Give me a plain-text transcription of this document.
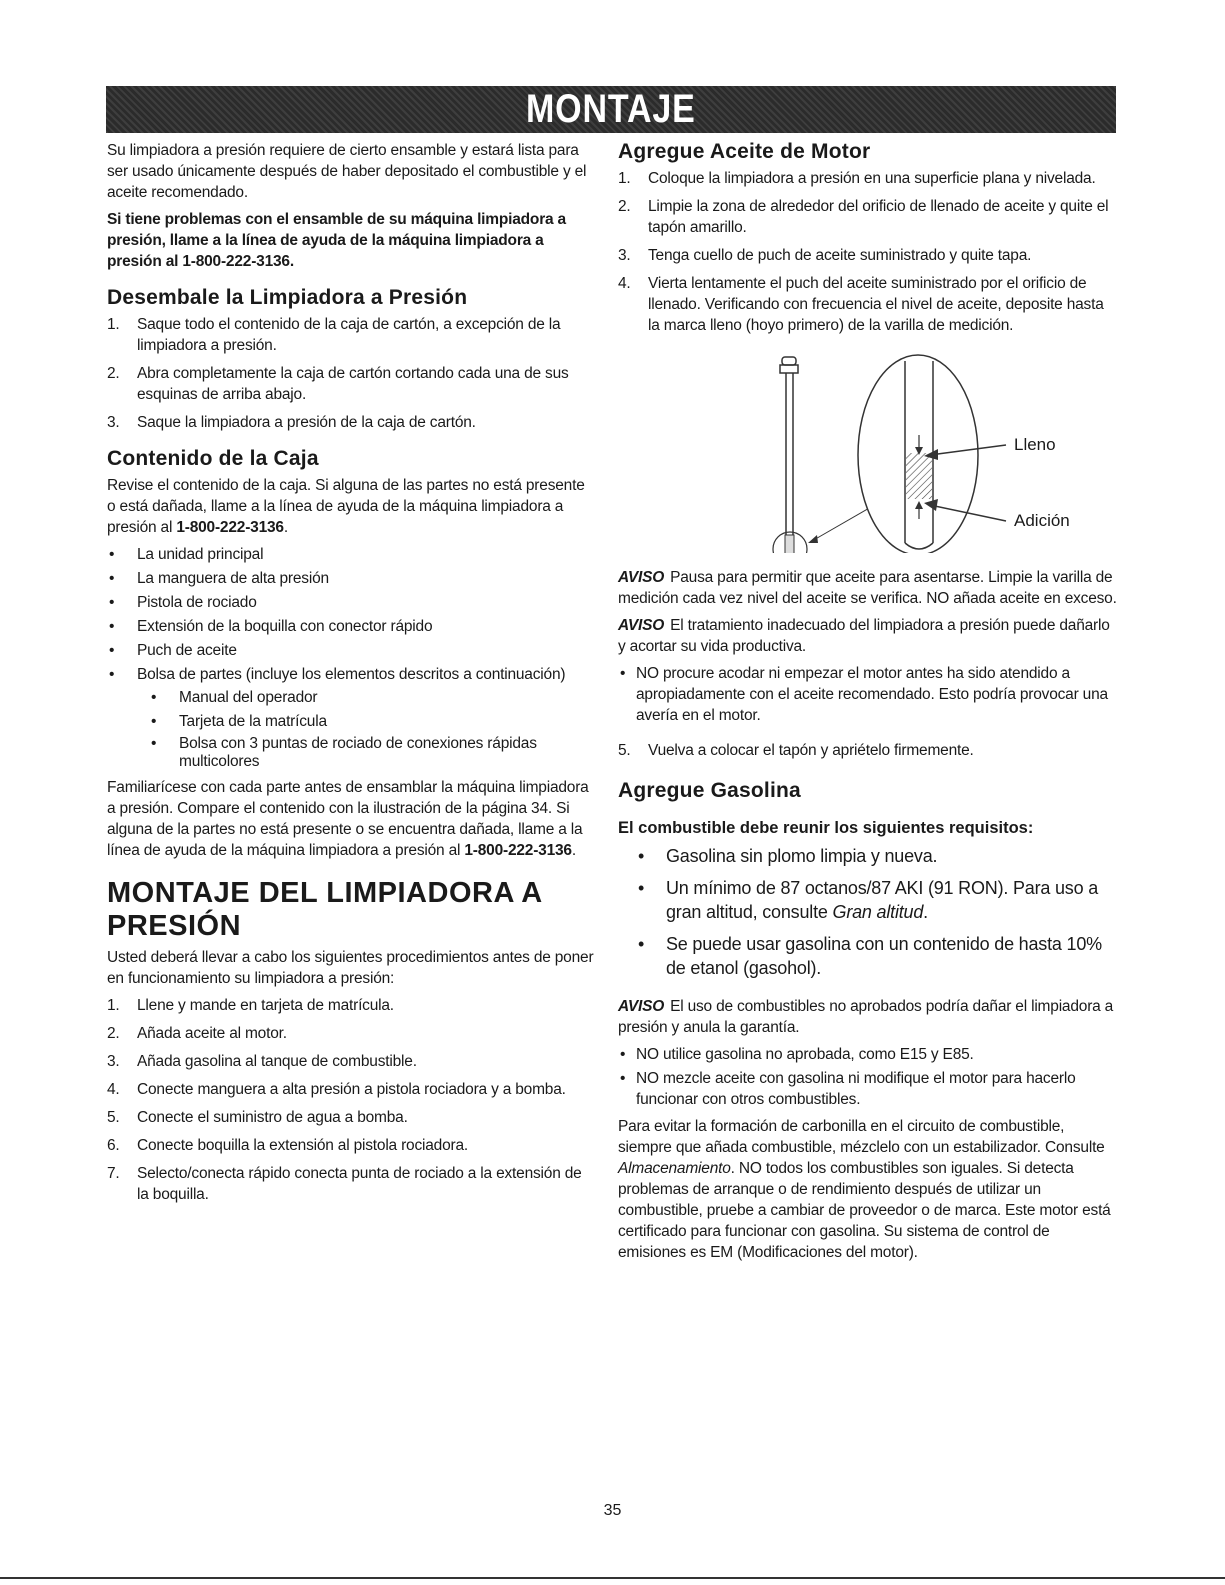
MONTAJE

Su limpiadora a presión requiere de cierto ensamble y estará lista para ser usado únicamente después de haber depositado el combustible y el aceite recomendado.

Si tiene problemas con el ensamble de su máquina limpiadora a presión, llame a la línea de ayuda de la máquina limpiadora a presión al 1-800-222-3136.

Desembale la Limpiadora a Presión
1. Saque todo el contenido de la caja de cartón, a excepción de la limpiadora a presión.
2. Abra completamente la caja de cartón cortando cada una de sus esquinas de arriba abajo.
3. Saque la limpiadora a presión de la caja de cartón.
Contenido de la Caja

Revise el contenido de la caja. Si alguna de las partes no está presente o está dañada, llame a la línea de ayuda de la máquina limpiadora a presión al 1-800-222-3136.

• La unidad principal
• La manguera de alta presión
• Pistola de rociado
• Extensión de la boquilla con conector rápido
• Puch de aceite
• Bolsa de partes (incluye los elementos descritos a continuación)
• Manual del operador
• Tarjeta de la matrícula
• Bolsa con 3 puntas de rociado de conexiones rápidas multicolores

Familiarícese con cada parte antes de ensamblar la máquina limpiadora a presión. Compare el contenido con la ilustración de la página 34. Si alguna de la partes no está presente o se encuentra dañada, llame a la línea de ayuda de la máquina limpiadora a presión al 1-800-222-3136.

MONTAJE DEL LIMPIADORA A PRESIÓN

Usted deberá llevar a cabo los siguientes procedimientos antes de poner en funcionamiento su limpiadora a presión:

1. Llene y mande en tarjeta de matrícula.
2. Añada aceite al motor.
3. Añada gasolina al tanque de combustible.
4. Conecte manguera a alta presión a pistola rociadora y a bomba.
5. Conecte el suministro de agua a bomba.
6. Conecte boquilla la extensión al pistola rociadora.
7. Selecto/conecta rápido conecta punta de rociado a la extensión de la boquilla.
Agregue Aceite de Motor
1. Coloque la limpiadora a presión en una superficie plana y nivelada.
2. Limpie la zona de alrededor del orificio de llenado de aceite y quite el tapón amarillo.
3. Tenga cuello de puch de aceite suministrado y quite tapa.
4. Vierta lentamente el puch del aceite suministrado por el orificio de llenado. Verificando con frecuencia el nivel de aceite, deposite hasta la marca lleno (hoyo primero) de la varilla de medición.
Lleno
Adición

AVISO Pausa para permitir que aceite para asentarse. Limpie la varilla de medición cada vez nivel del aceite se verifica. NO añada aceite en exceso.

AVISO El tratamiento inadecuado del limpiadora a presión puede dañarlo y acortar su vida productiva.

• NO procure acodar ni empezar el motor antes ha sido atendido a apropiadamente con el aceite recomendado. Esto podría provocar una avería en el motor.
5. Vuelva a colocar el tapón y apriételo firmemente.
Agregue Gasolina
El combustible debe reunir los siguientes requisitos:
• Gasolina sin plomo limpia y nueva.
• Un mínimo de 87 octanos/87 AKI (91 RON). Para uso a gran altitud, consulte Gran altitud.
• Se puede usar gasolina con un contenido de hasta 10% de etanol (gasohol).

AVISO El uso de combustibles no aprobados podría dañar el limpiadora a presión y anula la garantía.

• NO utilice gasolina no aprobada, como E15 y E85.
• NO mezcle aceite con gasolina ni modifique el motor para hacerlo funcionar con otros combustibles.

Para evitar la formación de carbonilla en el circuito de combustible, siempre que añada combustible, mézclelo con un estabilizador. Consulte Almacenamiento. NO todos los combustibles son iguales. Si detecta problemas de arranque o de rendimiento después de utilizar un combustible, pruebe a cambiar de proveedor o de marca. Este motor está certificado para funcionar con gasolina. Su sistema de control de emisiones es EM (Modificaciones del motor).

35
